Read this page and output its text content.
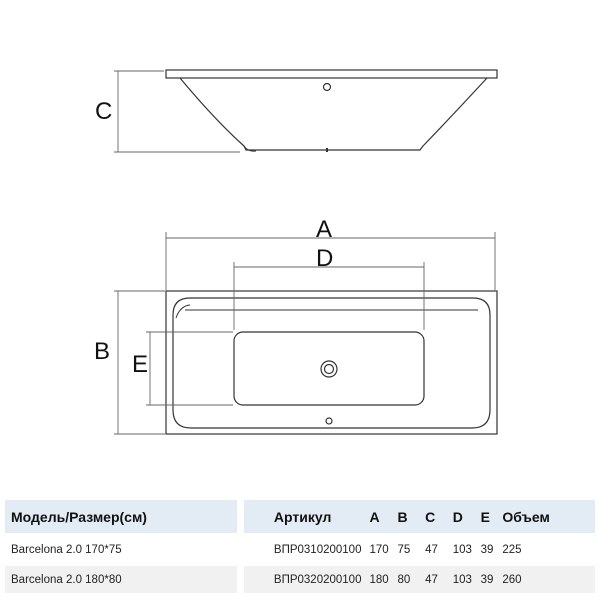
C
A
D
B E
Модель/Размер(см)		Артикул	A	B	C	D	E	Объем
Barcelona 2.0 170*75		ВПР0310200100	170	75	47	103	39	225
Barcelona 2.0 180*80		ВПР0320200100	180	80	47	103	39	260
